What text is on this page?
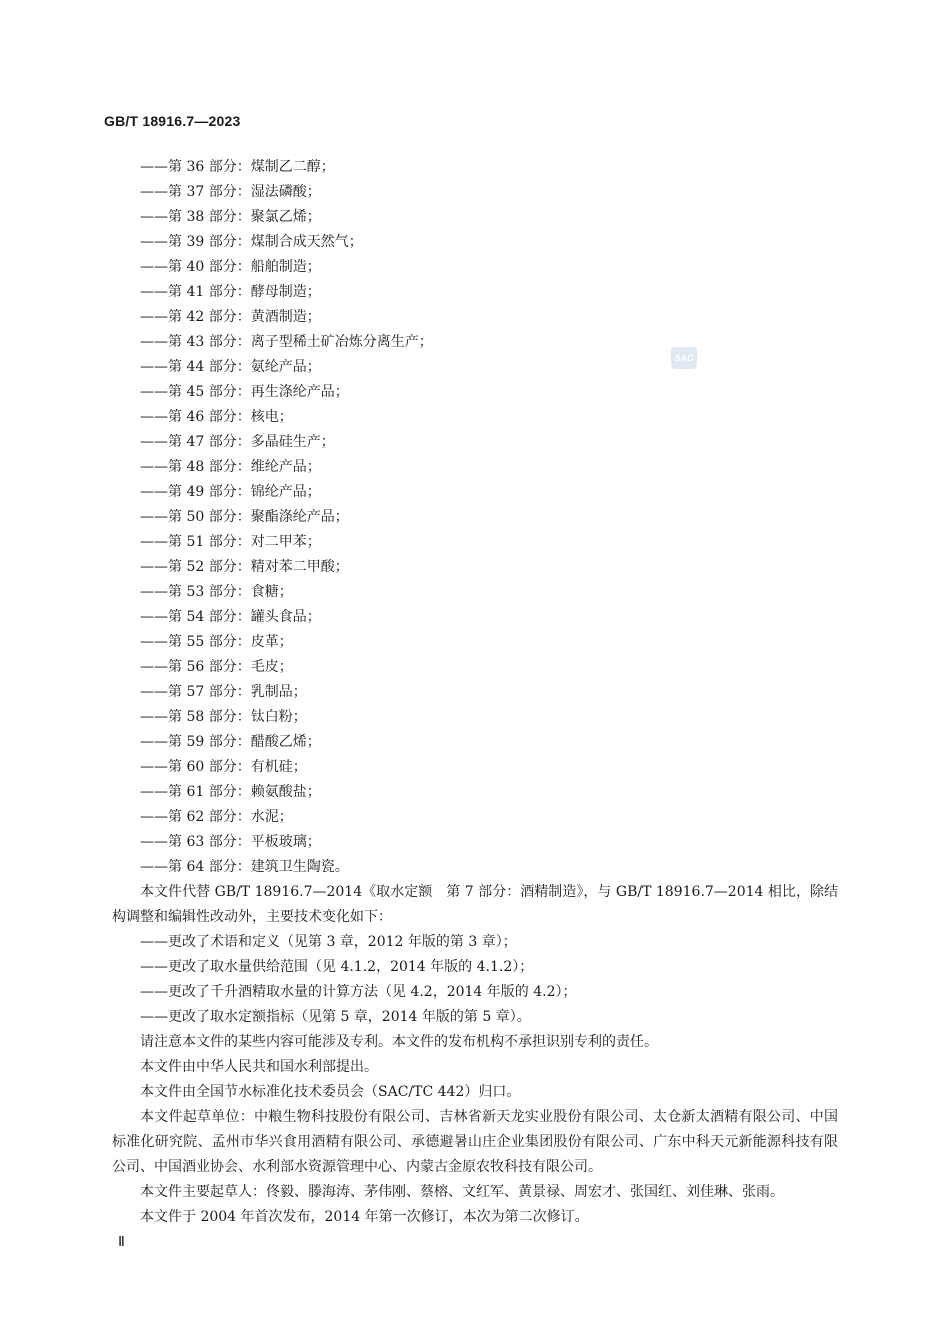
GB/T 18916.7—2023
SAC
——第 36 部分：煤制乙二醇；
——第 37 部分：湿法磷酸；
——第 38 部分：聚氯乙烯；
——第 39 部分：煤制合成天然气；
——第 40 部分：船舶制造；
——第 41 部分：酵母制造；
——第 42 部分：黄酒制造；
——第 43 部分：离子型稀土矿冶炼分离生产；
——第 44 部分：氨纶产品；
——第 45 部分：再生涤纶产品；
——第 46 部分：核电；
——第 47 部分：多晶硅生产；
——第 48 部分：维纶产品；
——第 49 部分：锦纶产品；
——第 50 部分：聚酯涤纶产品；
——第 51 部分：对二甲苯；
——第 52 部分：精对苯二甲酸；
——第 53 部分：食糖；
——第 54 部分：罐头食品；
——第 55 部分：皮革；
——第 56 部分：毛皮；
——第 57 部分：乳制品；
——第 58 部分：钛白粉；
——第 59 部分：醋酸乙烯；
——第 60 部分：有机硅；
——第 61 部分：赖氨酸盐；
——第 62 部分：水泥；
——第 63 部分：平板玻璃；
——第 64 部分：建筑卫生陶瓷。

本文件代替 GB/T 18916.7—2014《取水定额　第 7 部分：酒精制造》，与 GB/T 18916.7—2014 相比，除结构调整和编辑性改动外，主要技术变化如下：

——更改了术语和定义（见第 3 章，2012 年版的第 3 章）；
——更改了取水量供给范围（见 4.1.2，2014 年版的 4.1.2）；
——更改了千升酒精取水量的计算方法（见 4.2，2014 年版的 4.2）；
——更改了取水定额指标（见第 5 章，2014 年版的第 5 章）。

请注意本文件的某些内容可能涉及专利。本文件的发布机构不承担识别专利的责任。

本文件由中华人民共和国水利部提出。

本文件由全国节水标准化技术委员会（SAC/TC 442）归口。

本文件起草单位：中粮生物科技股份有限公司、吉林省新天龙实业股份有限公司、太仓新太酒精有限公司、中国标准化研究院、孟州市华兴食用酒精有限公司、承德避暑山庄企业集团股份有限公司、广东中科天元新能源科技有限公司、中国酒业协会、水利部水资源管理中心、内蒙古金原农牧科技有限公司。

本文件主要起草人：佟毅、滕海涛、茅伟刚、蔡榕、文红军、黄景禄、周宏才、张国红、刘佳琳、张雨。

本文件于 2004 年首次发布，2014 年第一次修订，本次为第二次修订。

Ⅱ
